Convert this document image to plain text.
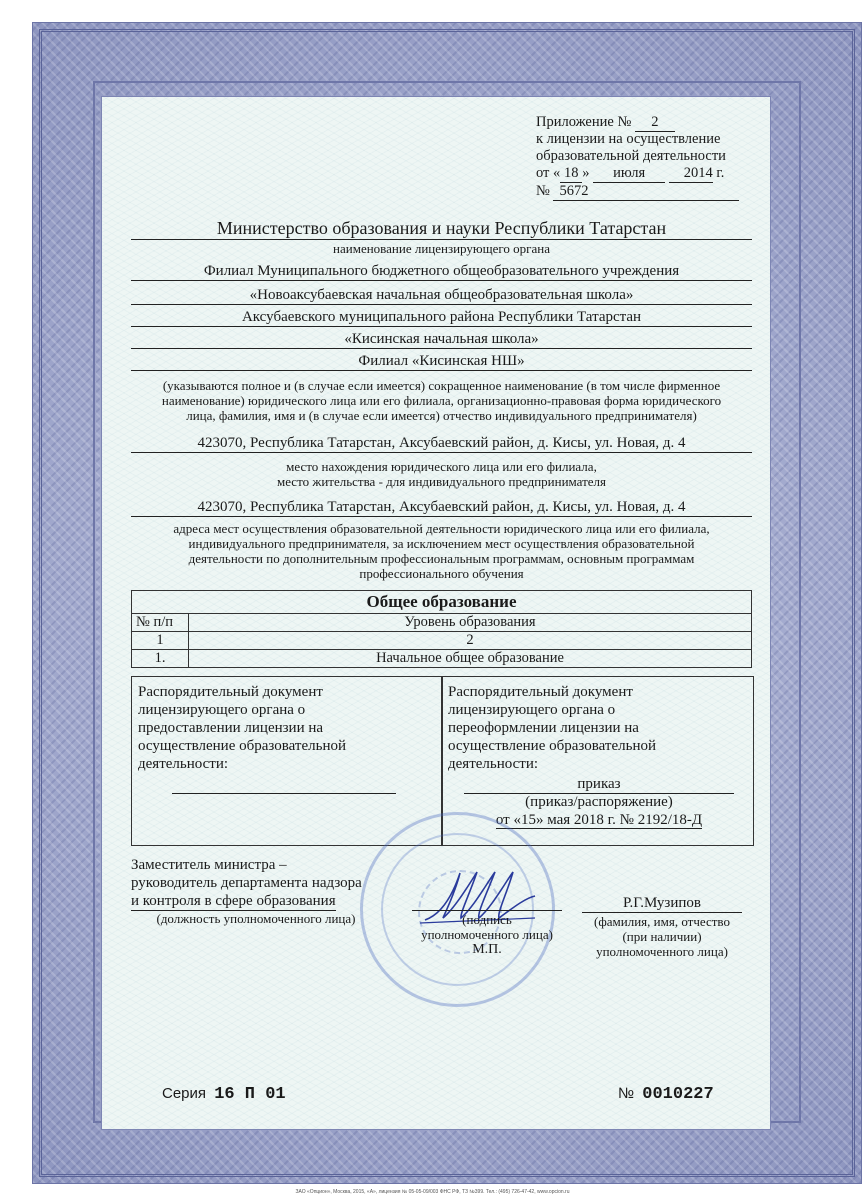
Приложение № 2
к лицензии на осуществление
образовательной деятельности
от « 18 » июля	2014 г.
№ 5672
Министерство образования и науки Республики Татарстан
наименование лицензирующего органа
Филиал Муниципального бюджетного общеобразовательного учреждения
«Новоаксубаевская начальная общеобразовательная школа»
Аксубаевского муниципального района Республики Татарстан
«Кисинская начальная школа»
Филиал «Кисинская НШ»
(указываются полное и (в случае если имеется) сокращенное наименование (в том числе фирменное
наименование) юридического лица или его филиала, организационно-правовая форма юридического
лица, фамилия, имя и (в случае если имеется) отчество индивидуального предпринимателя)
423070, Республика Татарстан, Аксубаевский район, д. Кисы, ул. Новая, д. 4
место нахождения юридического лица или его филиала,
место жительства - для индивидуального предпринимателя
423070, Республика Татарстан, Аксубаевский район, д. Кисы, ул. Новая, д. 4
адреса мест осуществления образовательной деятельности юридического лица или его филиала,
индивидуального предпринимателя, за исключением мест осуществления образовательной
деятельности по дополнительным профессиональным программам, основным программам
профессионального обучения
Общее образование	
№ п/п	Уровень образования
1	2
1.	Начальное общее образование
Распорядительный документ
лицензирующего органа о
предоставлении лицензии на
осуществление образовательной
деятельности:
Распорядительный документ
лицензирующего органа о
переоформлении лицензии на
осуществление образовательной
деятельности:
приказ
(приказ/распоряжение)
от «15» мая 2018 г. № 2192/18-Д
Заместитель министра –
руководитель департамента надзора
и контроля в сфере образования
(должность уполномоченного лица)	(подпись
уполномоченного лица)
М.П.
Р.Г.Музипов
(фамилия, имя, отчество
(при наличии)
уполномоченного лица)
Серия 16 П 01	№ 0010227
ЗАО «Опцион», Москва, 2015, «А», лицензия № 05-05-09/003 ФНС РФ, ТЗ №399. Тел.: (495) 726-47-42, www.opcion.ru
